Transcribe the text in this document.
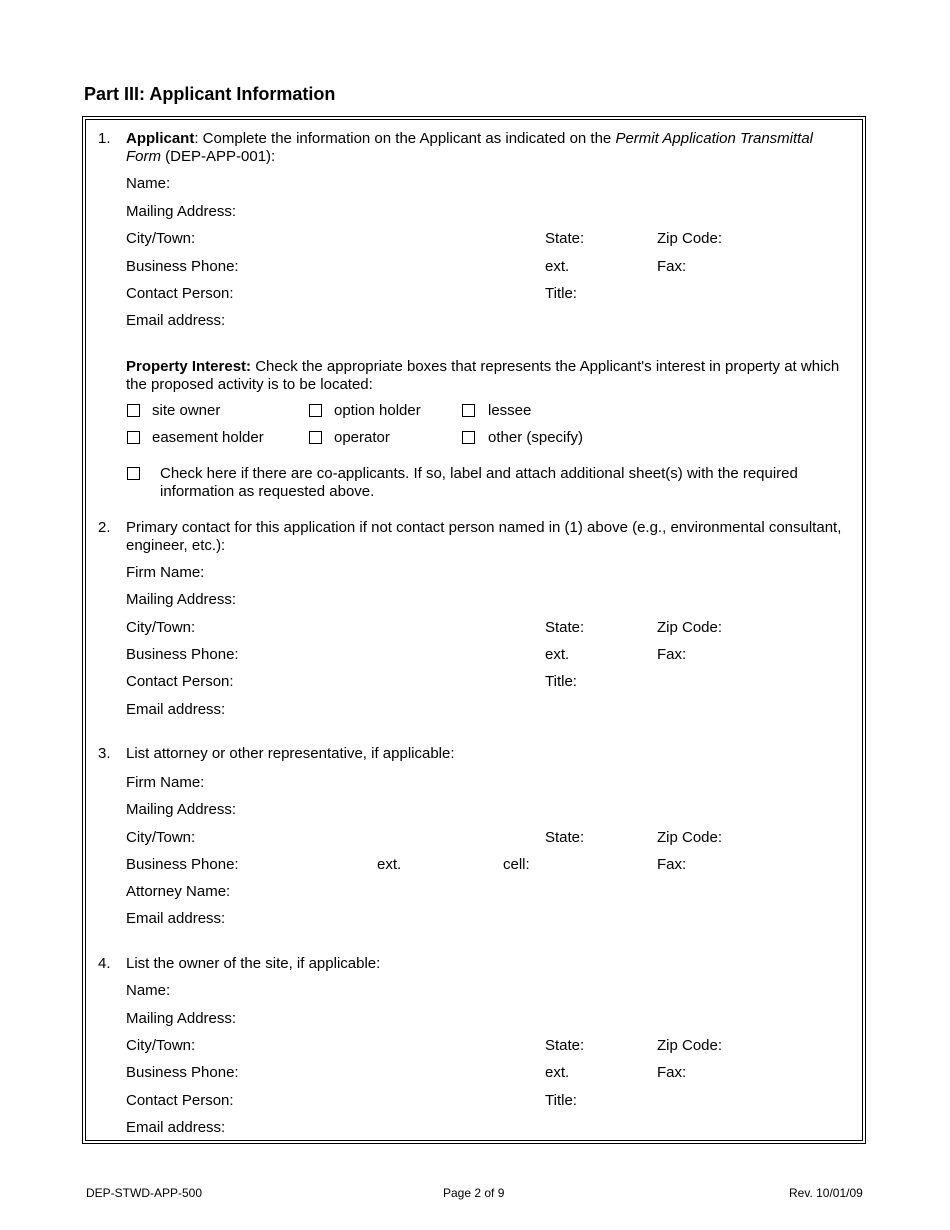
Part III: Applicant Information
1. Applicant: Complete the information on the Applicant as indicated on the Permit Application Transmittal Form (DEP-APP-001):
Name:
Mailing Address:
City/Town:	State:	Zip Code:
Business Phone:	ext.	Fax:
Contact Person:	Title:
Email address:
Property Interest: Check the appropriate boxes that represents the Applicant's interest in property at which the proposed activity is to be located:
site owner	option holder	lessee
easement holder	operator	other (specify)
Check here if there are co-applicants. If so, label and attach additional sheet(s) with the required information as requested above.
2. Primary contact for this application if not contact person named in (1) above (e.g., environmental consultant, engineer, etc.):
Firm Name:
Mailing Address:
City/Town:	State:	Zip Code:
Business Phone:	ext.	Fax:
Contact Person:	Title:
Email address:
3. List attorney or other representative, if applicable:
Firm Name:
Mailing Address:
City/Town:	State:	Zip Code:
Business Phone:	ext.	cell:	Fax:
Attorney Name:
Email address:
4. List the owner of the site, if applicable:
Name:
Mailing Address:
City/Town:	State:	Zip Code:
Business Phone:	ext.	Fax:
Contact Person:	Title:
Email address:
DEP-STWD-APP-500	Page 2 of 9	Rev. 10/01/09
